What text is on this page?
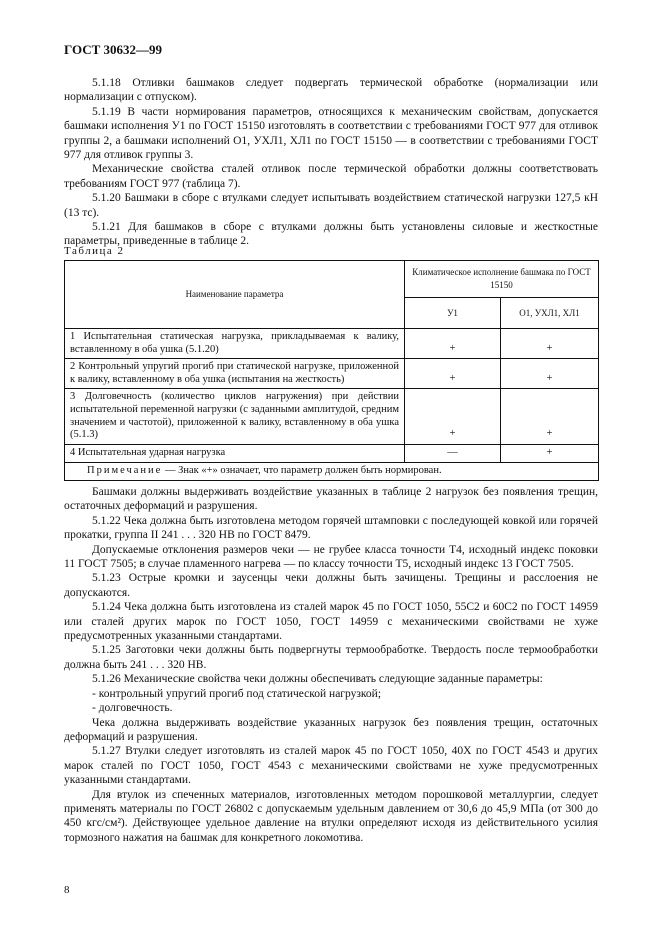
ГОСТ 30632—99

5.1.18 Отливки башмаков следует подвергать термической обработке (нормализации или нормализации с отпуском).

5.1.19 В части нормирования параметров, относящихся к механическим свойствам, допускается башмаки исполнения У1 по ГОСТ 15150 изготовлять в соответствии с требованиями ГОСТ 977 для отливок группы 2, а башмаки исполнений О1, УХЛ1, ХЛ1 по ГОСТ 15150 — в соответствии с требованиями ГОСТ 977 для отливок группы 3.

Механические свойства сталей отливок после термической обработки должны соответствовать требованиям ГОСТ 977 (таблица 7).

5.1.20 Башмаки в сборе с втулками следует испытывать воздействием статической нагрузки 127,5 кН (13 тс).

5.1.21 Для башмаков в сборе с втулками должны быть установлены силовые и жесткостные параметры, приведенные в таблице 2.

Таблица 2
Наименование параметра	Климатическое исполнение башмака по ГОСТ 15150	
	У1	О1, УХЛ1, ХЛ1
1 Испытательная статическая нагрузка, прикладываемая к валику, вставленному в оба ушка (5.1.20)	+	+
2 Контрольный упругий прогиб при статической нагрузке, приложенной к валику, вставленному в оба ушка (испытания на жесткость)	+	+
3 Долговечность (количество циклов нагружения) при действии испытательной переменной нагрузки (с заданными амплитудой, средним значением и частотой), приложенной к валику, вставленному в оба ушка (5.1.3)	+	+
4 Испытательная ударная нагрузка	—	+
Примечание — Знак «+» означает, что параметр должен быть нормирован.		

Башмаки должны выдерживать воздействие указанных в таблице 2 нагрузок без появления трещин, остаточных деформаций и разрушения.

5.1.22 Чека должна быть изготовлена методом горячей штамповки с последующей ковкой или горячей прокатки, группа II 241 . . . 320 НВ по ГОСТ 8479.

Допускаемые отклонения размеров чеки — не грубее класса точности Т4, исходный индекс поковки 11 ГОСТ 7505; в случае пламенного нагрева — по классу точности Т5, исходный индекс 13 ГОСТ 7505.

5.1.23 Острые кромки и заусенцы чеки должны быть зачищены. Трещины и расслоения не допускаются.

5.1.24 Чека должна быть изготовлена из сталей марок 45 по ГОСТ 1050, 55С2 и 60С2 по ГОСТ 14959 или сталей других марок по ГОСТ 1050, ГОСТ 14959 с механическими свойствами не хуже предусмотренных указанными стандартами.

5.1.25 Заготовки чеки должны быть подвергнуты термообработке. Твердость после термообработки должна быть 241 . . . 320 НВ.

5.1.26 Механические свойства чеки должны обеспечивать следующие заданные параметры:

- контрольный упругий прогиб под статической нагрузкой;

- долговечность.

Чека должна выдерживать воздействие указанных нагрузок без появления трещин, остаточных деформаций и разрушения.

5.1.27 Втулки следует изготовлять из сталей марок 45 по ГОСТ 1050, 40Х по ГОСТ 4543 и других марок сталей по ГОСТ 1050, ГОСТ 4543 с механическими свойствами не хуже предусмотренных указанными стандартами.

Для втулок из спеченных материалов, изготовленных методом порошковой металлургии, следует применять материалы по ГОСТ 26802 с допускаемым удельным давлением от 30,6 до 45,9 МПа (от 300 до 450 кгс/см²). Действующее удельное давление на втулки определяют исходя из действительного усилия тормозного нажатия на башмак для конкретного локомотива.

8
